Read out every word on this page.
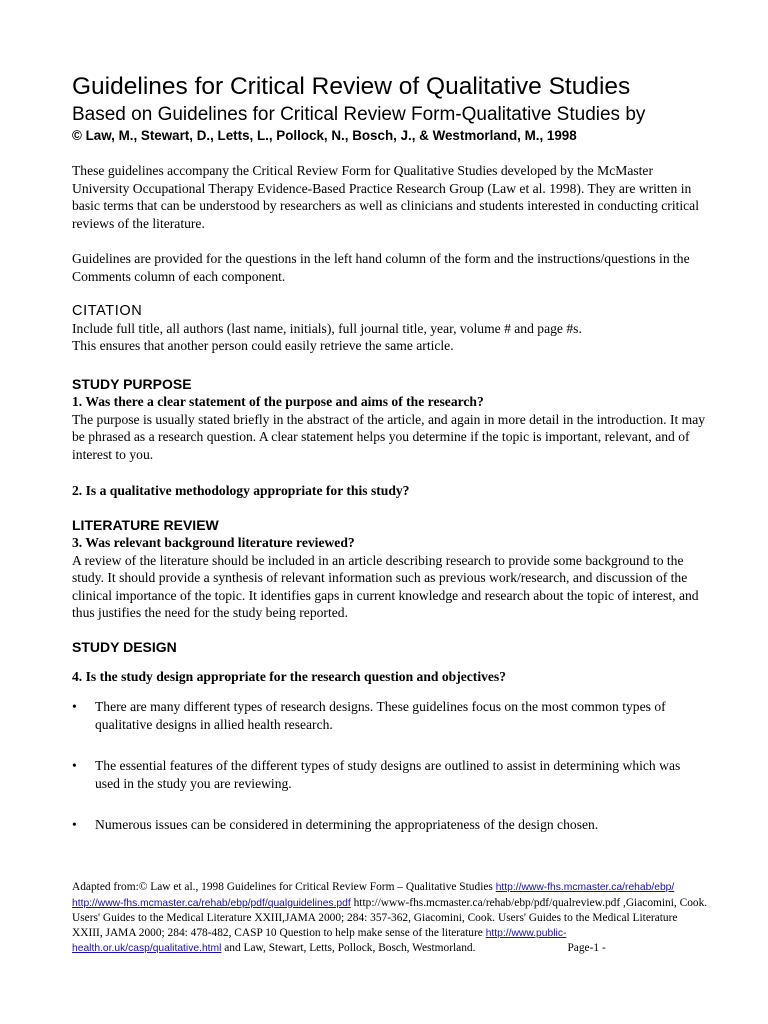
Guidelines for Critical Review of Qualitative Studies
Based on Guidelines for Critical Review Form-Qualitative Studies by
© Law, M., Stewart, D., Letts, L., Pollock, N., Bosch, J., & Westmorland, M., 1998

These guidelines accompany the Critical Review Form for Qualitative Studies developed by the McMaster University Occupational Therapy Evidence-Based Practice Research Group (Law et al. 1998). They are written in basic terms that can be understood by researchers as well as clinicians and students interested in conducting critical reviews of the literature.

Guidelines are provided for the questions in the left hand column of the form and the instructions/questions in the Comments column of each component.

CITATION

Include full title, all authors (last name, initials), full journal title, year, volume # and page #s.

This ensures that another person could easily retrieve the same article.

STUDY PURPOSE
1. Was there a clear statement of the purpose and aims of the research?

The purpose is usually stated briefly in the abstract of the article, and again in more detail in the introduction. It may be phrased as a research question. A clear statement helps you determine if the topic is important, relevant, and of interest to you.

2. Is a qualitative methodology appropriate for this study?
LITERATURE REVIEW
3. Was relevant background literature reviewed?

A review of the literature should be included in an article describing research to provide some background to the study. It should provide a synthesis of relevant information such as previous work/research, and discussion of the clinical importance of the topic. It identifies gaps in current knowledge and research about the topic of interest, and thus justifies the need for the study being reported.

STUDY DESIGN
4. Is the study design appropriate for the research question and objectives?
• There are many different types of research designs. These guidelines focus on the most common types of qualitative designs in allied health research.
• The essential features of the different types of study designs are outlined to assist in determining which was used in the study you are reviewing.
• Numerous issues can be considered in determining the appropriateness of the design chosen.
Adapted from:© Law et al., 1998 Guidelines for Critical Review Form – Qualitative Studies http://www-fhs.mcmaster.ca/rehab/ebp/  http://www-fhs.mcmaster.ca/rehab/ebp/pdf/qualguidelines.pdf http://www-fhs.mcmaster.ca/rehab/ebp/pdf/qualreview.pdf ,Giacomini, Cook. Users' Guides to the Medical Literature XXIII,JAMA 2000; 284: 357-362, Giacomini, Cook. Users' Guides to the Medical Literature XXIII, JAMA 2000; 284: 478-482, CASP 10 Question to help make sense of the literature http://www.public-health.or.uk/casp/qualitative.html and Law, Stewart, Letts, Pollock, Bosch, Westmorland.	Page-1 -
